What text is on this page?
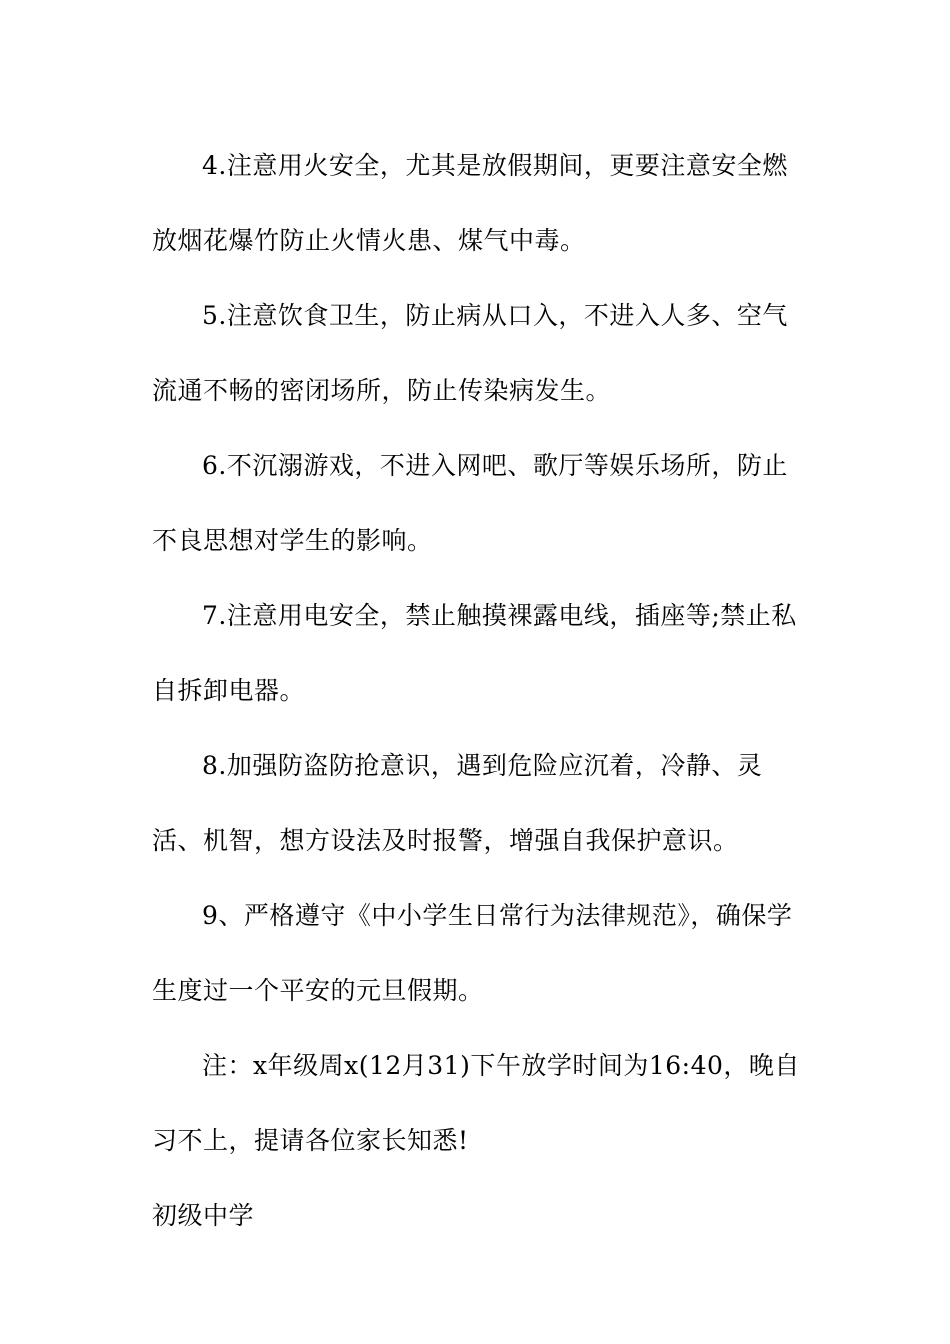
4.注意用火安全，尤其是放假期间，更要注意安全燃放烟花爆竹防止火情火患、煤气中毒。

5.注意饮食卫生，防止病从口入，不进入人多、空气流通不畅的密闭场所，防止传染病发生。

6.不沉溺游戏，不进入网吧、歌厅等娱乐场所，防止不良思想对学生的影响。

7.注意用电安全，禁止触摸裸露电线，插座等;禁止私自拆卸电器。

8.加强防盗防抢意识，遇到危险应沉着，冷静、灵活、机智，想方设法及时报警，增强自我保护意识。

9、严格遵守《中小学生日常行为法律规范》，确保学生度过一个平安的元旦假期。

注：x年级周x(12月31)下午放学时间为16:40，晚自习不上，提请各位家长知悉!

初级中学
